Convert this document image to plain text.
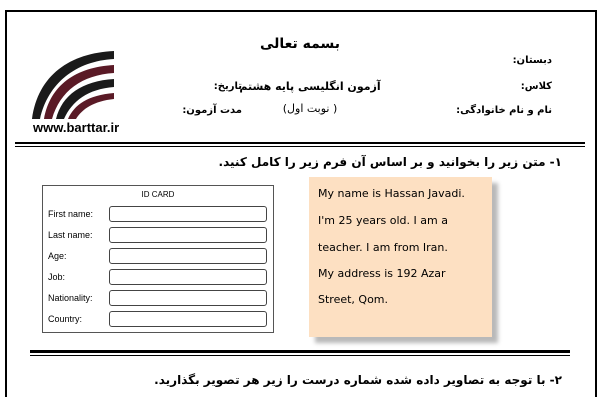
www.barttar.ir
بسمه تعالی
آزمون انگلیسی پایه هشتم
( نوبت اول)
دبستان:
کلاس:
نام و نام خانوادگی:
تاریخ:
مدت آزمون:
۱- متن زیر را بخوانید و بر اساس آن فرم زیر را کامل کنید.
ID CARD
First name:
Last name:
Age:
Job:
Nationality:
Country:
My name is Hassan Javadi.
I'm 25 years old. I am a
teacher. I am from Iran.
My address is 192 Azar
Street, Qom.
۲- با توجه به تصاویر داده شده شماره درست را زیر هر تصویر بگذارید.
